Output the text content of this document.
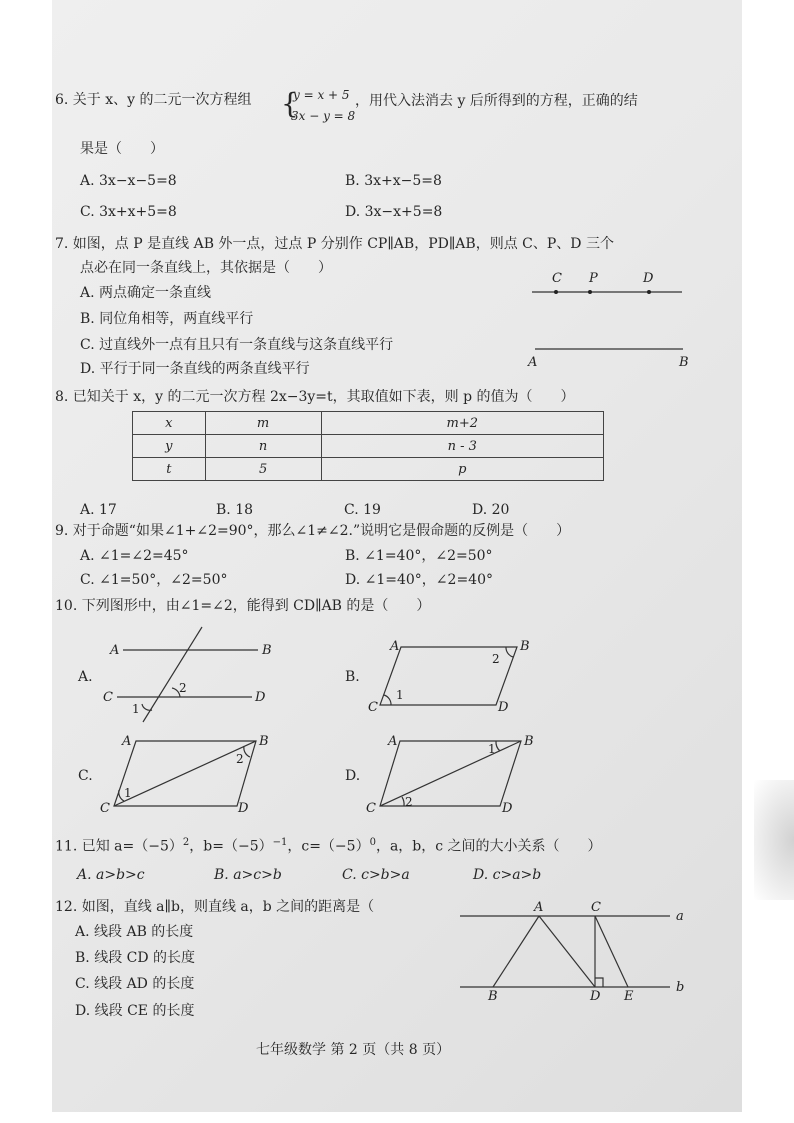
6. 关于 x、y 的二元一次方程组 {
y = x + 5
3x − y = 8
，用代入法消去 y 后所得到的方程，正确的结
果是（　　）
A. 3x−x−5=8	B. 3x+x−5=8
C. 3x+x+5=8	D. 3x−x+5=8
7. 如图，点 P 是直线 AB 外一点，过点 P 分别作 CP∥AB，PD∥AB，则点 C、P、D 三个
点必在同一条直线上，其依据是（　　）
A. 两点确定一条直线
B. 同位角相等，两直线平行
C. 过直线外一点有且只有一条直线与这条直线平行
D. 平行于同一条直线的两条直线平行
C P	D
A	B
8. 已知关于 x，y 的二元一次方程 2x−3y=t，其取值如下表，则 p 的值为（　　）
x	m	m+2
y	n	n - 3
t	5	p
A. 17	B. 18	C. 19	D. 20
9. 对于命题“如果∠1+∠2=90°，那么∠1≠∠2.”说明它是假命题的反例是（　　）
A. ∠1=∠2=45°	B. ∠1=40°，∠2=50°
C. ∠1=50°，∠2=50°	D. ∠1=40°，∠2=40°
10. 下列图形中，由∠1=∠2，能得到 CD∥AB 的是（　　）
A.	B.
C.	D.
A	B
C	D
2
1
A	B
C	D
2
1
A	B
C	D
2
1
A	B
C	D
1
2
11. 已知 $a=(-5)^2$，$b=(-5)^{-1}$，$c=(-5)^0$，a，b，c 之间的大小关系（　　）
A. a>b>c	B. a>c>b	C. c>b>a	D. c>a>b
12. 如图，直线 a∥b，则直线 a，b 之间的距离是（
A. 线段 AB 的长度
B. 线段 CD 的长度
C. 线段 AD 的长度
D. 线段 CE 的长度
A	C
a
B	D E
b
七年级数学 第 2 页（共 8 页）
